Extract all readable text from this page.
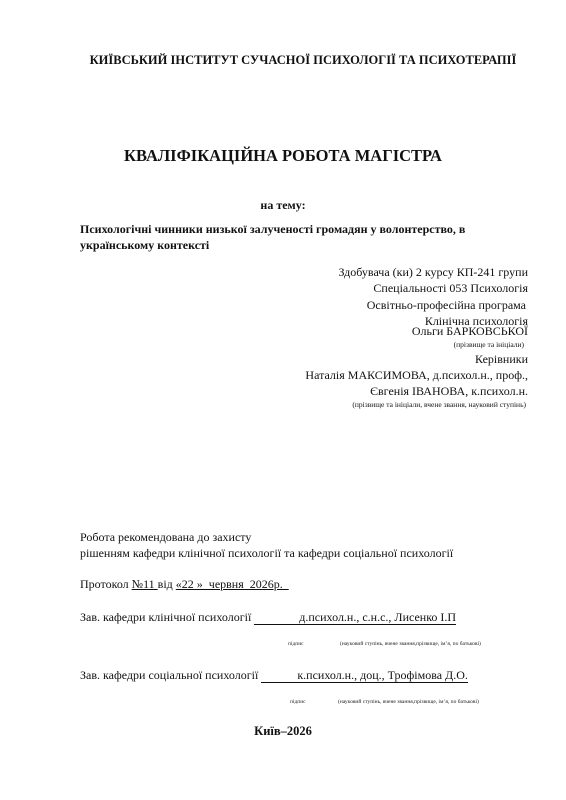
КИЇВСЬКИЙ ІНСТИТУТ СУЧАСНОЇ ПСИХОЛОГІЇ ТА ПСИХОТЕРАПІЇ
КВАЛІФІКАЦІЙНА РОБОТА МАГІСТРА
на тему:
Психологічні чинники низької залученості громадян у волонтерство, в українському контексті
Здобувача (ки) 2 курсу КП-241 групи
Спеціальності 053 Психологія
Освітньо-професійна програма
Клінічна психологія
Ольги БАРКОВСЬКОЇ
(прізвище та ініціали)
Керівники
Наталія МАКСИМОВА, д.психол.н., проф.,
Євгенія ІВАНОВА, к.психол.н.
(прізвище та ініціали, вчене звання, науковий ступінь)
Робота рекомендована до захисту
рішенням кафедри клінічної психології та кафедри соціальної психології
Протокол №11 від «22 »  червня  2026р.
Зав. кафедри клінічної психології                д.психол.н., с.н.с., Лисенко І.П
підпис	(науковий ступінь, вчене звання,прізвище, ім’я, по батькові)
Зав. кафедри соціальної психології             к.психол.н., доц., Трофімова Д.О.
підпис	(науковий ступінь, вчене звання,прізвище, ім’я, по батькові)
Київ–2026
